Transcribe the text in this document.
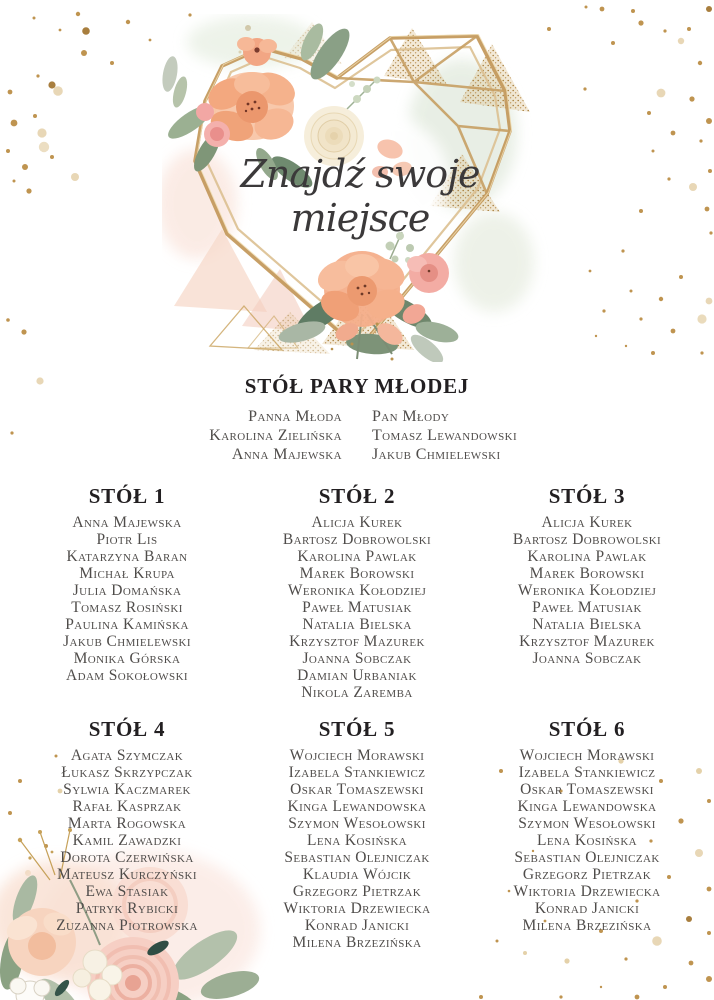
Znajdź swoje
miejsce
STÓŁ PARY MŁODEJ
Panna Młoda
Karolina Zielińska
Anna Majewska
Pan Młody
Tomasz Lewandowski
Jakub Chmielewski
STÓŁ 1
Anna Majewska
Piotr Lis
Katarzyna Baran
Michał Krupa
Julia Domańska
Tomasz Rosiński
Paulina Kamińska
Jakub Chmielewski
Monika Górska
Adam Sokołowski
STÓŁ 2
Alicja Kurek
Bartosz Dobrowolski
Karolina Pawlak
Marek Borowski
Weronika Kołodziej
Paweł Matusiak
Natalia Bielska
Krzysztof Mazurek
Joanna Sobczak
Damian Urbaniak
Nikola Zaremba
STÓŁ 3
Alicja Kurek
Bartosz Dobrowolski
Karolina Pawlak
Marek Borowski
Weronika Kołodziej
Paweł Matusiak
Natalia Bielska
Krzysztof Mazurek
Joanna Sobczak
STÓŁ 4
Agata Szymczak
Łukasz Skrzypczak
Sylwia Kaczmarek
Rafał Kasprzak
Marta Rogowska
Kamil Zawadzki
Dorota Czerwińska
Mateusz Kurczyński
Ewa Stasiak
Patryk Rybicki
Zuzanna Piotrowska
STÓŁ 5
Wojciech Morawski
Izabela Stankiewicz
Oskar Tomaszewski
Kinga Lewandowska
Szymon Wesołowski
Lena Kosińska
Sebastian Olejniczak
Klaudia Wójcik
Grzegorz Pietrzak
Wiktoria Drzewiecka
Konrad Janicki
Milena Brzezińska
STÓŁ 6
Wojciech Morawski
Izabela Stankiewicz
Oskar Tomaszewski
Kinga Lewandowska
Szymon Wesołowski
Lena Kosińska
Sebastian Olejniczak
Grzegorz Pietrzak
Wiktoria Drzewiecka
Konrad Janicki
Milena Brzezińska
